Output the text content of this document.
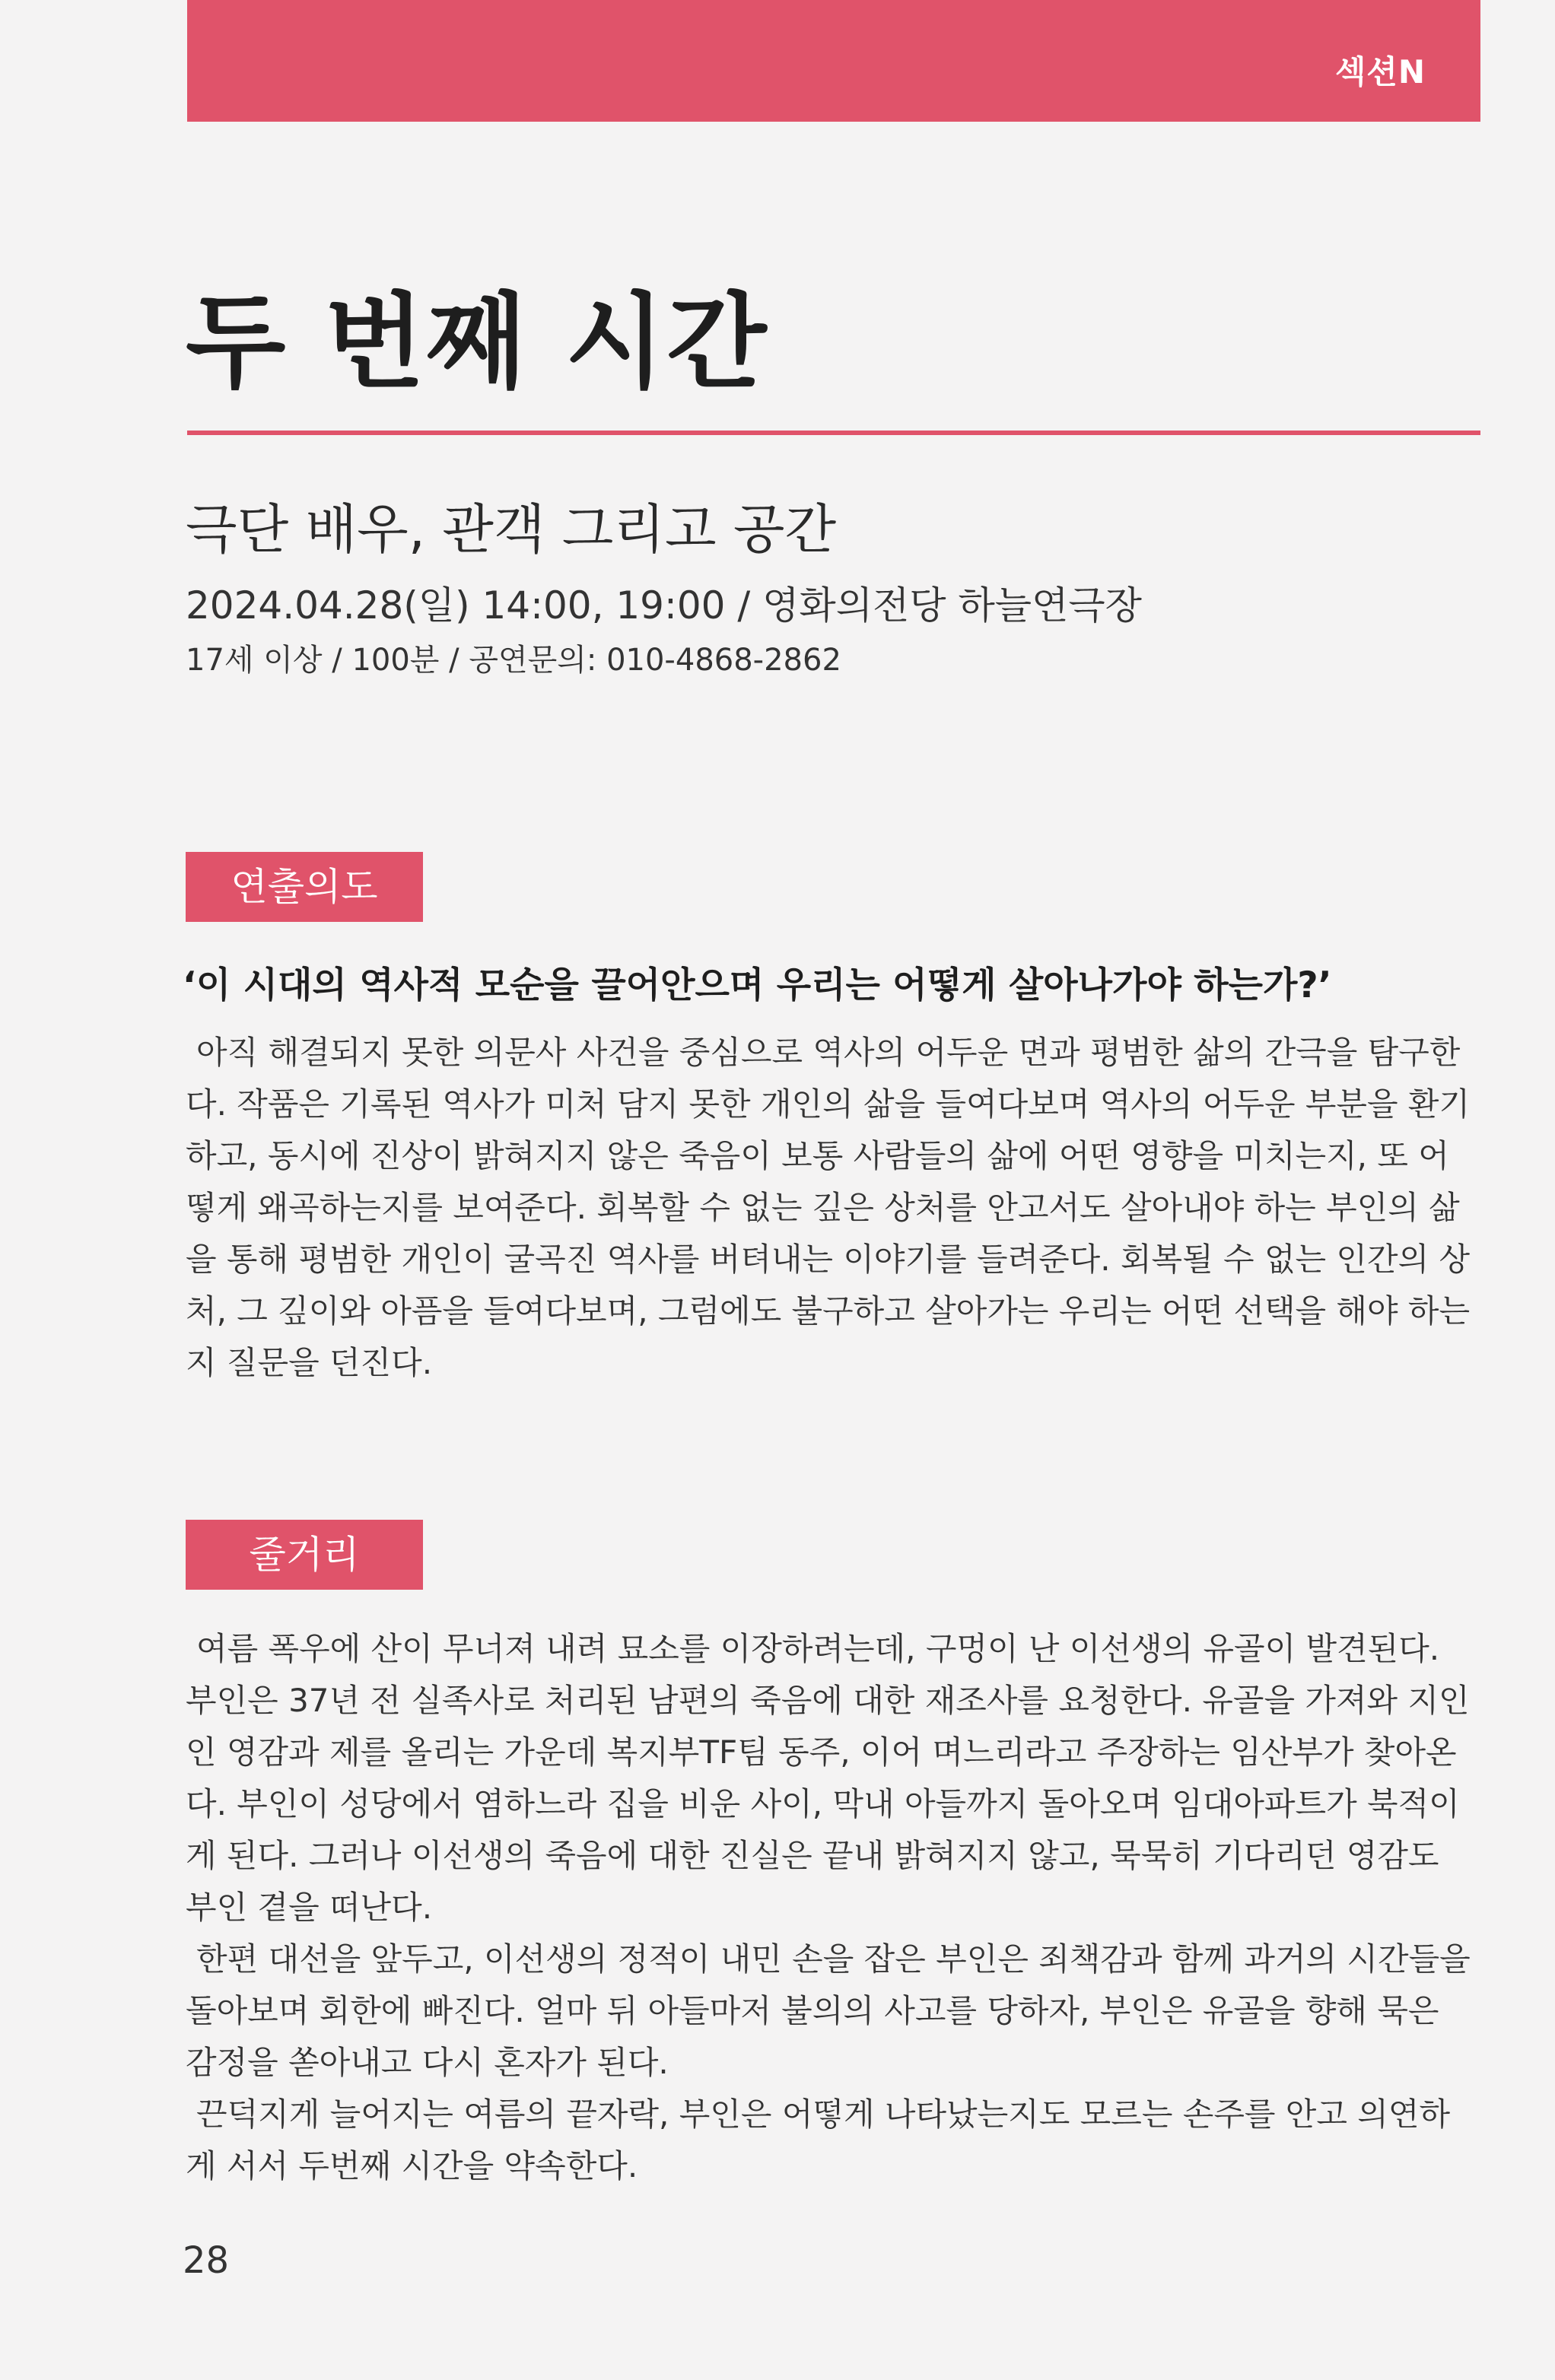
섹션N
두 번째 시간
극단 배우, 관객 그리고 공간
2024.04.28(일) 14:00, 19:00 / 영화의전당 하늘연극장
17세 이상 / 100분 / 공연문의: 010-4868-2862
연출의도
‘이 시대의 역사적 모순을 끌어안으며 우리는 어떻게 살아나가야 하는가?’

아직 해결되지 못한 의문사 사건을 중심으로 역사의 어두운 면과 평범한 삶의 간극을 탐구한다. 작품은 기록된 역사가 미처 담지 못한 개인의 삶을 들여다보며 역사의 어두운 부분을 환기하고, 동시에 진상이 밝혀지지 않은 죽음이 보통 사람들의 삶에 어떤 영향을 미치는지, 또 어떻게 왜곡하는지를 보여준다. 회복할 수 없는 깊은 상처를 안고서도 살아내야 하는 부인의 삶을 통해 평범한 개인이 굴곡진 역사를 버텨내는 이야기를 들려준다. 회복될 수 없는 인간의 상처, 그 깊이와 아픔을 들여다보며, 그럼에도 불구하고 살아가는 우리는 어떤 선택을 해야 하는지 질문을 던진다.

줄거리

여름 폭우에 산이 무너져 내려 묘소를 이장하려는데, 구멍이 난 이선생의 유골이 발견된다. 부인은 37년 전 실족사로 처리된 남편의 죽음에 대한 재조사를 요청한다. 유골을 가져와 지인인 영감과 제를 올리는 가운데 복지부TF팀 동주, 이어 며느리라고 주장하는 임산부가 찾아온다. 부인이 성당에서 염하느라 집을 비운 사이, 막내 아들까지 돌아오며 임대아파트가 북적이게 된다. 그러나 이선생의 죽음에 대한 진실은 끝내 밝혀지지 않고, 묵묵히 기다리던 영감도 부인 곁을 떠난다.

한편 대선을 앞두고, 이선생의 정적이 내민 손을 잡은 부인은 죄책감과 함께 과거의 시간들을 돌아보며 회한에 빠진다. 얼마 뒤 아들마저 불의의 사고를 당하자, 부인은 유골을 향해 묵은 감정을 쏟아내고 다시 혼자가 된다.

끈덕지게 늘어지는 여름의 끝자락, 부인은 어떻게 나타났는지도 모르는 손주를 안고 의연하게 서서 두번째 시간을 약속한다.

28
